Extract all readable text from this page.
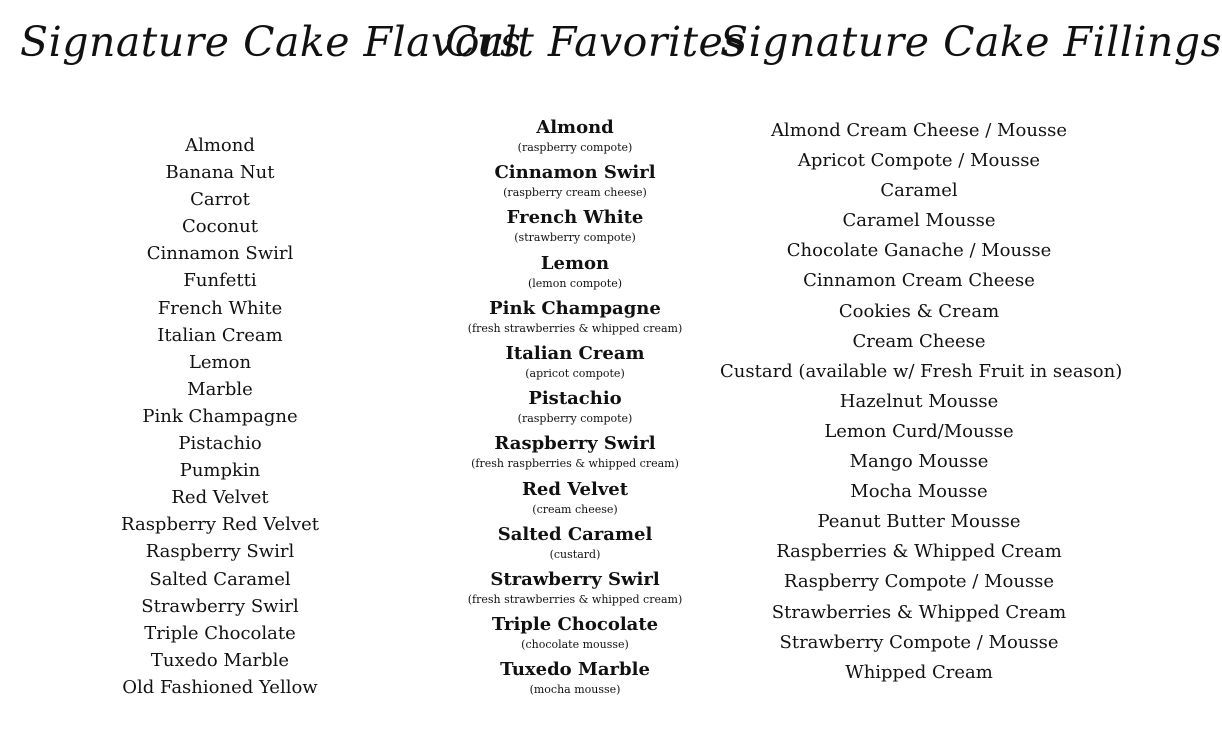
Signature Cake Flavors
Almond
Banana Nut
Carrot
Coconut
Cinnamon Swirl
Funfetti
French White
Italian Cream
Lemon
Marble
Pink Champagne
Pistachio
Pumpkin
Red Velvet
Raspberry Red Velvet
Raspberry Swirl
Salted Caramel
Strawberry Swirl
Triple Chocolate
Tuxedo Marble
Old Fashioned Yellow
Cult Favorites
Almond
(raspberry compote)
Cinnamon Swirl
(raspberry cream cheese)
French White
(strawberry compote)
Lemon
(lemon compote)
Pink Champagne
(fresh strawberries & whipped cream)
Italian Cream
(apricot compote)
Pistachio
(raspberry compote)
Raspberry Swirl
(fresh raspberries & whipped cream)
Red Velvet
(cream cheese)
Salted Caramel
(custard)
Strawberry Swirl
(fresh strawberries & whipped cream)
Triple Chocolate
(chocolate mousse)
Tuxedo Marble
(mocha mousse)
Signature Cake Fillings
Almond Cream Cheese / Mousse
Apricot Compote / Mousse
Caramel
Caramel Mousse
Chocolate Ganache / Mousse
Cinnamon Cream Cheese
Cookies & Cream
Cream Cheese
Custard (available w/ Fresh Fruit in season)
Hazelnut Mousse
Lemon Curd/Mousse
Mango Mousse
Mocha Mousse
Peanut Butter Mousse
Raspberries & Whipped Cream
Raspberry Compote / Mousse
Strawberries & Whipped Cream
Strawberry Compote / Mousse
Whipped Cream
